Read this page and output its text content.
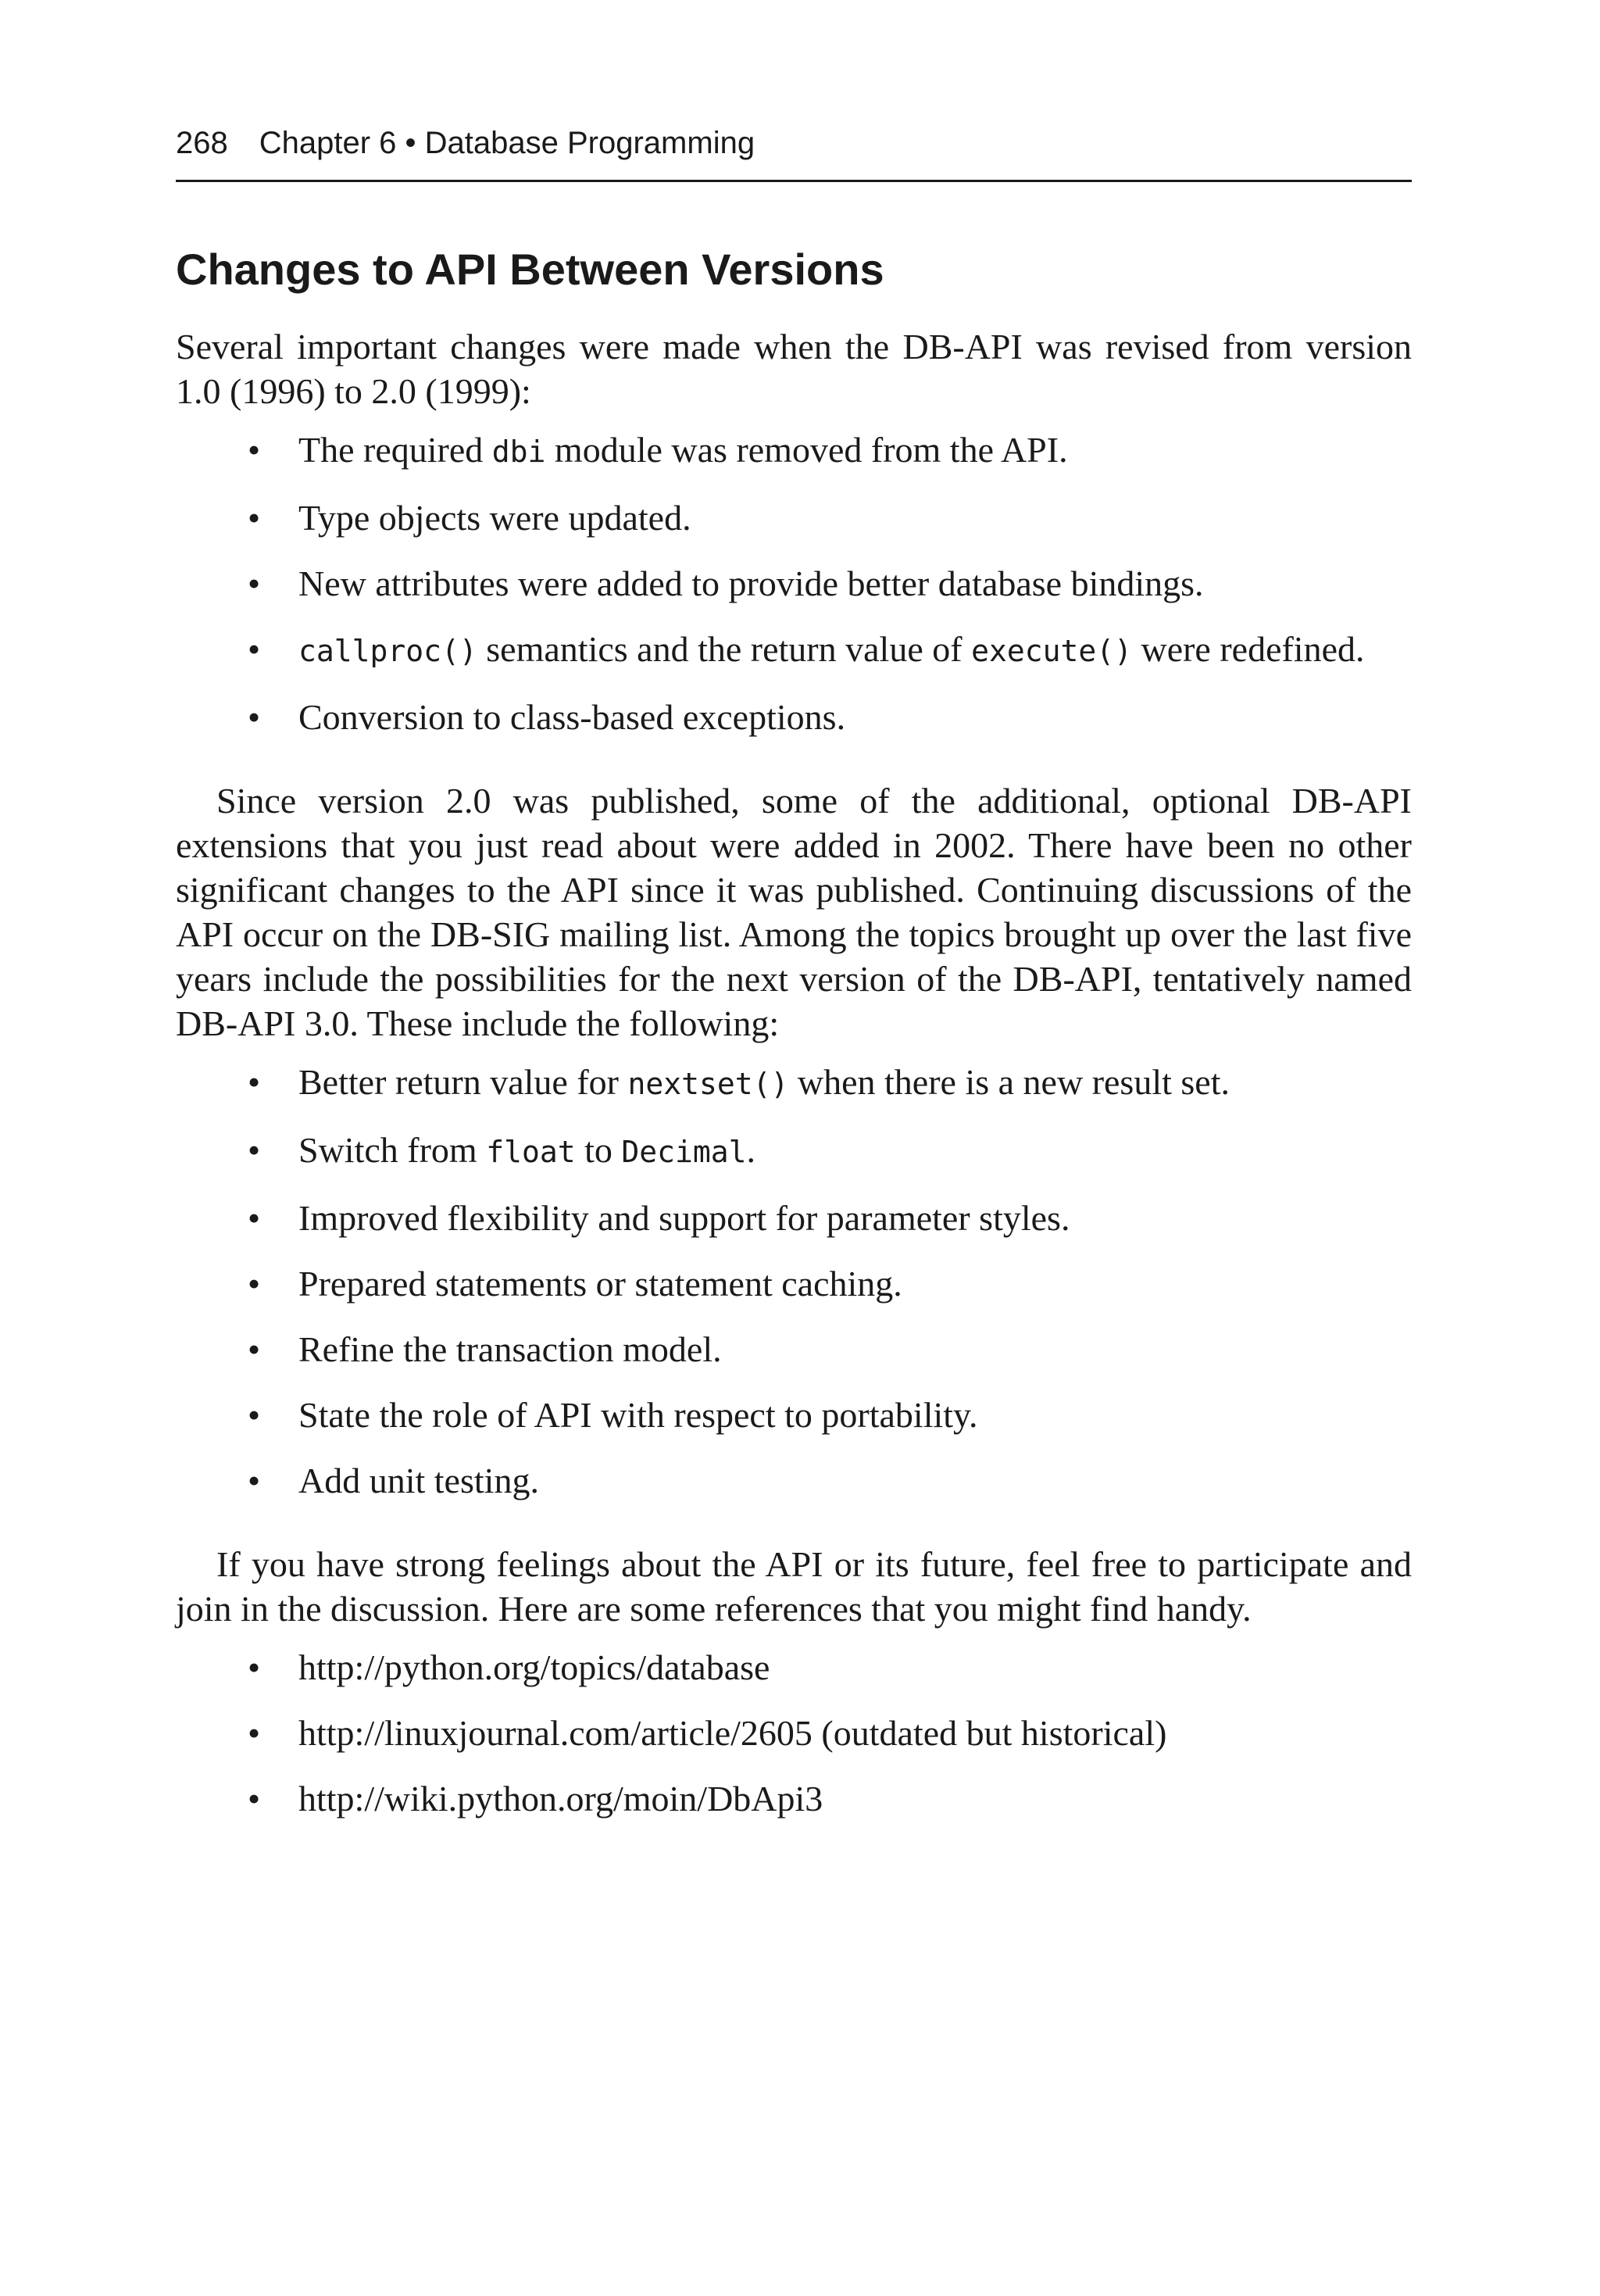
268 Chapter 6 • Database Programming
Changes to API Between Versions

Several important changes were made when the DB-API was revised from version 1.0 (1996) to 2.0 (1999):

• The required dbi module was removed from the API.
• Type objects were updated.
• New attributes were added to provide better database bindings.
• callproc() semantics and the return value of execute() were redefined.
• Conversion to class-based exceptions.

Since version 2.0 was published, some of the additional, optional DB-API extensions that you just read about were added in 2002. There have been no other significant changes to the API since it was published. Continuing discussions of the API occur on the DB-SIG mailing list. Among the topics brought up over the last five years include the possibilities for the next version of the DB-API, tentatively named DB-API 3.0. These include the following:

• Better return value for nextset() when there is a new result set.
• Switch from float to Decimal.
• Improved flexibility and support for parameter styles.
• Prepared statements or statement caching.
• Refine the transaction model.
• State the role of API with respect to portability.
• Add unit testing.

If you have strong feelings about the API or its future, feel free to participate and join in the discussion. Here are some references that you might find handy.

• http://python.org/topics/database
• http://linuxjournal.com/article/2605 (outdated but historical)
• http://wiki.python.org/moin/DbApi3
